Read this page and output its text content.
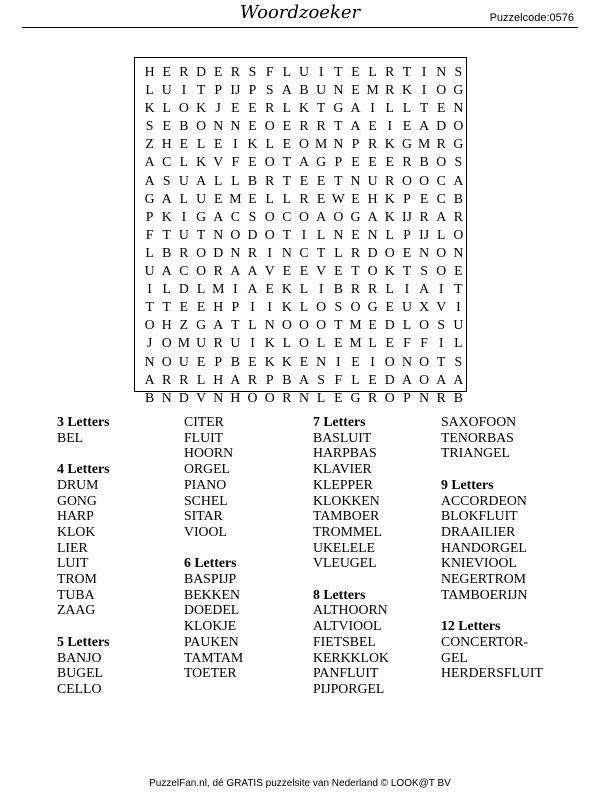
Woordzoeker	Puzzelcode:0576
H E R D E R S F L U I T E L R T I N S
L U I T P IJ P S A B U N E M R K I O G
K L O K J E E R L K T G A I L L T E N
S E B O N N E O E R R T A E I E A D O
Z H E L E I K L E O M N P R K G M R G
A C L K V F E O T A G P E E E R B O S
A S U A L L B R T E E T N U R O O C A
G A L U E M E L L R E W E H K P E C B
P K I G A C S O C O A O G A K IJ R A R
F T U T N O D O T I L N E N L P IJ L O
L B R O D N R I N C T L R D O E N O N
U A C O R A A V E E V E T O K T S O E
I L D L M I A E K L I B R R L I A I T
T T E E H P I I K L O S O G E U X V I
O H Z G A T L N O O O T M E D L O S U
J O M U R U I K L O L E M L E F F I L
N O U E P B E K K E N I E I O N O T S
A R R L H A R P B A S F L E D A O A A
B N D V N H O O R N L E G R O P N R B
3 Letters
BEL
4 Letters
DRUM
GONG
HARP
KLOK
LIER
LUIT
TROM
TUBA
ZAAG
5 Letters
BANJO
BUGEL
CELLO
CITER
FLUIT
HOORN
ORGEL
PIANO
SCHEL
SITAR
VIOOL
6 Letters
BASPIJP
BEKKEN
DOEDEL
KLOKJE
PAUKEN
TAMTAM
TOETER
7 Letters
BASLUIT
HARPBAS
KLAVIER
KLEPPER
KLOKKEN
TAMBOER
TROMMEL
UKELELE
VLEUGEL
8 Letters
ALTHOORN
ALTVIOOL
FIETSBEL
KERKKLOK
PANFLUIT
PIJPORGEL
SAXOFOON
TENORBAS
TRIANGEL
9 Letters
ACCORDEON
BLOKFLUIT
DRAAILIER
HANDORGEL
KNIEVIOOL
NEGERTROM
TAMBOERIJN
12 Letters
CONCERTOR-
GEL
HERDERSFLUIT
PuzzelFan.nl, dé GRATIS puzzelsite van Nederland © LOOK@T BV
